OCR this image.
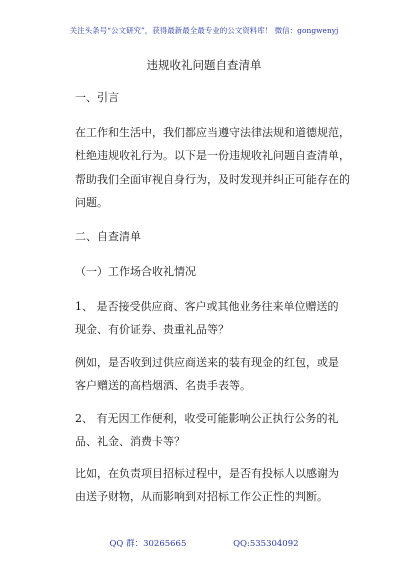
关注头条号“公文研究”，获得最新最全最专业的公文资料库！ 微信：gongwenyj
违规收礼问题自查清单
一、引言
在工作和生活中，我们都应当遵守法律法规和道德规范，
杜绝违规收礼行为。以下是一份违规收礼问题自查清单，
帮助我们全面审视自身行为，及时发现并纠正可能存在的
问题。
二、自查清单
（一）工作场合收礼情况
1、 是否接受供应商、客户或其他业务往来单位赠送的
现金、有价证券、贵重礼品等？
例如，是否收到过供应商送来的装有现金的红包，或是
客户赠送的高档烟酒、名贵手表等。
2、 有无因工作便利，收受可能影响公正执行公务的礼
品、礼金、消费卡等？
比如，在负责项目招标过程中，是否有投标人以感谢为
由送予财物，从而影响到对招标工作公正性的判断。
QQ 群：30265665	QQ:535304092
